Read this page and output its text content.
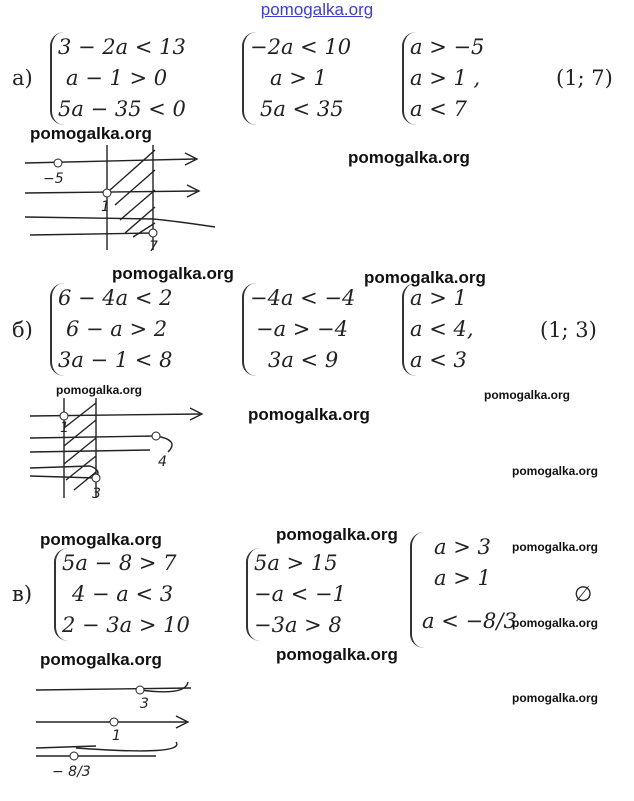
pomogalka.org
а)
3 − 2a < 13
a − 1 > 0
5a − 35 < 0
−2a < 10
a > 1
5a < 35
a > −5
a > 1 ,
a < 7
(1; 7)
pomogalka.org
pomogalka.org
−5
1
7
pomogalka.org	pomogalka.org
б)
6 − 4a < 2
6 − a > 2
3a − 1 < 8
−4a < −4
−a > −4
3a < 9
a > 1
a < 4,
a < 3
(1; 3)
pomogalka.org
pomogalka.org
pomogalka.org
pomogalka.org
1
4
3
pomogalka.org	pomogalka.org
в)
5a − 8 > 7
4 − a < 3
2 − 3a > 10
5a > 15
−a < −1
−3a > 8
a > 3
a > 1
a < −8/3
∅
pomogalka.org
pomogalka.org
pomogalka.org	pomogalka.org
pomogalka.org
3
1
− 8/3
